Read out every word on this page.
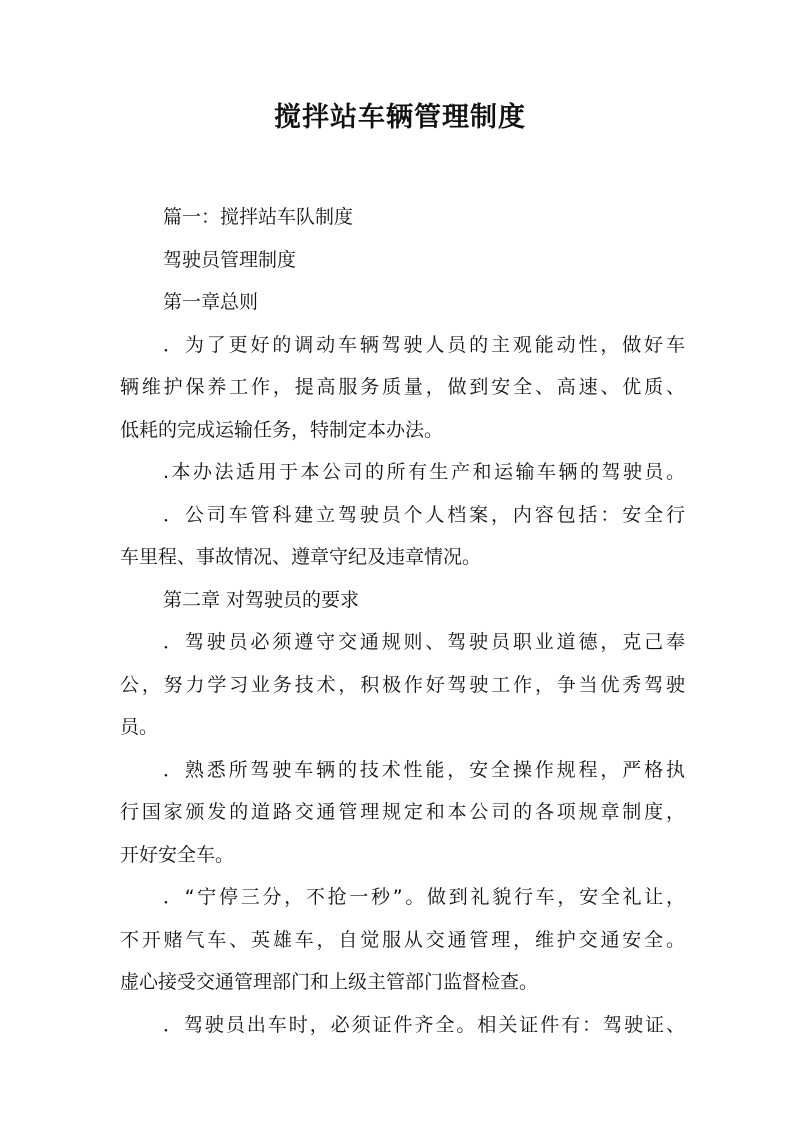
搅拌站车辆管理制度
篇一：搅拌站车队制度
驾驶员管理制度
第一章总则
．为了更好的调动车辆驾驶人员的主观能动性，做好车
辆维护保养工作，提高服务质量，做到安全、高速、优质、
低耗的完成运输任务，特制定本办法。
.本办法适用于本公司的所有生产和运输车辆的驾驶员。
．公司车管科建立驾驶员个人档案，内容包括：安全行
车里程、事故情况、遵章守纪及违章情况。
第二章 对驾驶员的要求
．驾驶员必须遵守交通规则、驾驶员职业道德，克己奉
公，努力学习业务技术，积极作好驾驶工作，争当优秀驾驶
员。
．熟悉所驾驶车辆的技术性能，安全操作规程，严格执
行国家颁发的道路交通管理规定和本公司的各项规章制度，
开好安全车。
．“宁停三分，不抢一秒”。做到礼貌行车，安全礼让，
不开赌气车、英雄车，自觉服从交通管理，维护交通安全。
虚心接受交通管理部门和上级主管部门监督检查。
．驾驶员出车时，必须证件齐全。相关证件有：驾驶证、
